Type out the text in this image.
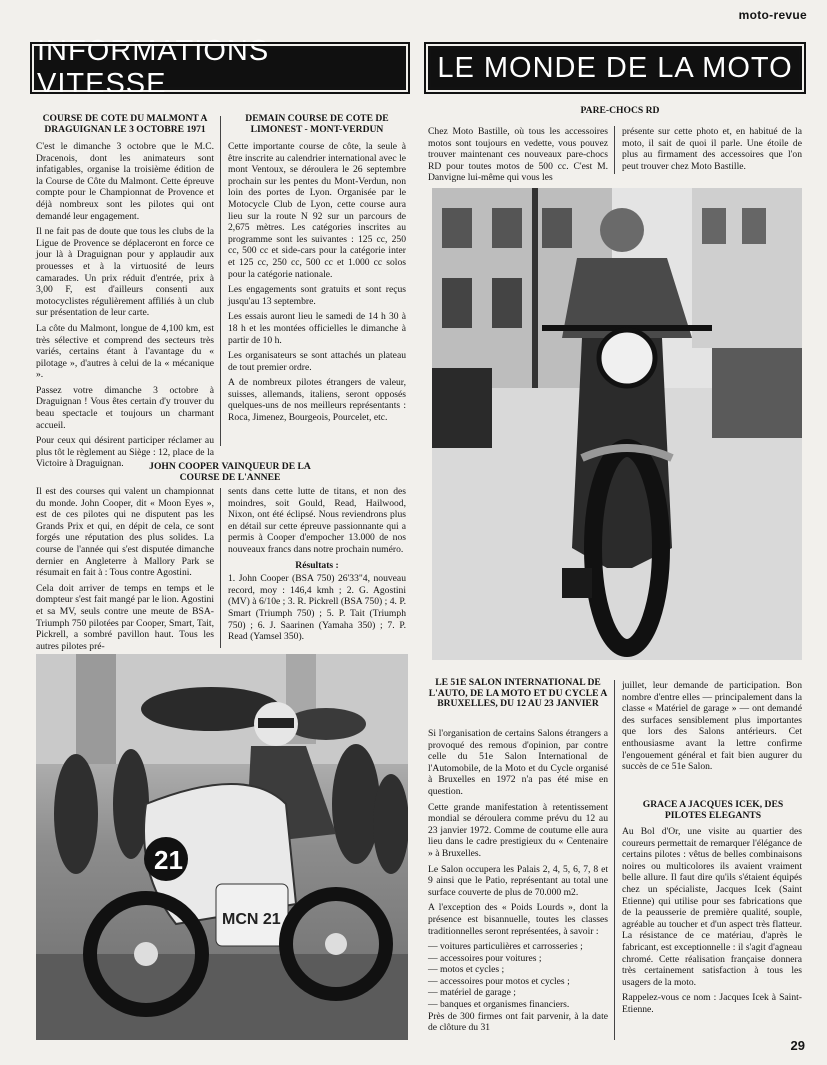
moto-revue
INFORMATIONS VITESSE
LE MONDE DE LA MOTO
COURSE DE COTE DU MALMONT A DRAGUIGNAN LE 3 OCTOBRE 1971

C'est le dimanche 3 octobre que le M.C. Dracenois, dont les animateurs sont infatigables, organise la troisième édition de la Course de Côte du Malmont. Cette épreuve compte pour le Championnat de Provence et déjà nombreux sont les pilotes qui ont demandé leur engagement.

Il ne fait pas de doute que tous les clubs de la Ligue de Provence se déplaceront en force ce jour là à Draguignan pour y applaudir aux prouesses et à la virtuosité de leurs camarades. Un prix réduit d'entrée, prix à 3,00 F, est d'ailleurs consenti aux motocyclistes régulièrement affiliés à un club sur présentation de leur carte.

La côte du Malmont, longue de 4,100 km, est très sélective et comprend des secteurs très variés, certains étant à l'avantage du « pilotage », d'autres à celui de la « mécanique ».

Passez votre dimanche 3 octobre à Draguignan ! Vous êtes certain d'y trouver du beau spectacle et toujours un charmant accueil.

Pour ceux qui désirent participer réclamer au plus tôt le règlement au Siège : 12, place de la Victoire à Draguignan.

DEMAIN COURSE DE COTE DE LIMONEST - MONT-VERDUN

Cette importante course de côte, la seule à être inscrite au calendrier international avec le mont Ventoux, se déroulera le 26 septembre prochain sur les pentes du Mont-Verdun, non loin des portes de Lyon. Organisée par le Motocycle Club de Lyon, cette course aura lieu sur la route N 92 sur un parcours de 2,675 mètres. Les catégories inscrites au programme sont les suivantes : 125 cc, 250 cc, 500 cc et side-cars pour la catégorie inter et 125 cc, 250 cc, 500 cc et 1.000 cc solos pour la catégorie nationale.

Les engagements sont gratuits et sont reçus jusqu'au 13 septembre.

Les essais auront lieu le samedi de 14 h 30 à 18 h et les montées officielles le dimanche à partir de 10 h.

Les organisateurs se sont attachés un plateau de tout premier ordre.

A de nombreux pilotes étrangers de valeur, suisses, allemands, italiens, seront opposés quelques-uns de nos meilleurs représentants : Roca, Jimenez, Bourgeois, Pourcelet, etc.

JOHN COOPER VAINQUEUR DE LA COURSE DE L'ANNEE

Il est des courses qui valent un championnat du monde. John Cooper, dit « Moon Eyes », est de ces pilotes qui ne disputent pas les Grands Prix et qui, en dépit de cela, ce sont forgés une réputation des plus solides. La course de l'année qui s'est disputée dimanche dernier en Angleterre à Mallory Park se résumait en fait à : Tous contre Agostini.

Cela doit arriver de temps en temps et le dompteur s'est fait mangé par le lion. Agostini et sa MV, seuls contre une meute de BSA-Triumph 750 pilotées par Cooper, Smart, Tait, Pickrell, a sombré pavillon haut. Tous les autres pilotes pré-

sents dans cette lutte de titans, et non des moindres, soit Gould, Read, Hailwood, Nixon, ont été éclipsé. Nous reviendrons plus en détail sur cette épreuve passionnante qui a permis à Cooper d'empocher 13.000 de nos nouveaux francs dans notre prochain numéro.

Résultats :

1. John Cooper (BSA 750) 26'33"4, nouveau record, moy : 146,4 kmh ; 2. G. Agostini (MV) à 6/10e ; 3. R. Pickrell (BSA 750) ; 4. P. Smart (Triumph 750) ; 5. P. Tait (Triumph 750) ; 6. J. Saarinen (Yamaha 350) ; 7. P. Read (Yamsel 350).

21
MCN 21
PARE-CHOCS RD

Chez Moto Bastille, où tous les accessoires motos sont toujours en vedette, vous pouvez trouver maintenant ces nouveaux pare-chocs RD pour toutes motos de 500 cc. C'est M. Danvigne lui-même qui vous les

présente sur cette photo et, en habitué de la moto, il sait de quoi il parle. Une étoile de plus au firmament des accessoires que l'on peut trouver chez Moto Bastille.

LE 51E SALON INTERNATIONAL DE L'AUTO, DE LA MOTO ET DU CYCLE A BRUXELLES, DU 12 AU 23 JANVIER

Si l'organisation de certains Salons étrangers a provoqué des remous d'opinion, par contre celle du 51e Salon International de l'Automobile, de la Moto et du Cycle organisé à Bruxelles en 1972 n'a pas été mise en question.

Cette grande manifestation à retentissement mondial se déroulera comme prévu du 12 au 23 janvier 1972. Comme de coutume elle aura lieu dans le cadre prestigieux du « Centenaire » à Bruxelles.

Le Salon occupera les Palais 2, 4, 5, 6, 7, 8 et 9 ainsi que le Patio, représentant au total une surface couverte de plus de 70.000 m2.

A l'exception des « Poids Lourds », dont la présence est bisannuelle, toutes les classes traditionnelles seront représentées, à savoir :

— voitures particulières et carrosseries ;
— accessoires pour voitures ;
— motos et cycles ;
— accessoires pour motos et cycles ;
— matériel de garage ;
— banques et organismes financiers.

Près de 300 firmes ont fait parvenir, à la date de clôture du 31

juillet, leur demande de participation. Bon nombre d'entre elles — principalement dans la classe « Matériel de garage » — ont demandé des surfaces sensiblement plus importantes que lors des Salons antérieurs. Cet enthousiasme avant la lettre confirme l'engouement général et fait bien augurer du succès de ce 51e Salon.

GRACE A JACQUES ICEK, DES PILOTES ELEGANTS

Au Bol d'Or, une visite au quartier des coureurs permettait de remarquer l'élégance de certains pilotes : vêtus de belles combinaisons noires ou multicolores ils avaient vraiment belle allure. Il faut dire qu'ils s'étaient équipés chez un spécialiste, Jacques Icek (Saint Etienne) qui utilise pour ses fabrications que de la peausserie de première qualité, souple, agréable au toucher et d'un aspect très flatteur. La résistance de ce matériau, d'après le fabricant, est exceptionnelle : il s'agit d'agneau chromé. Cette réalisation française donnera très certainement satisfaction à tous les usagers de la moto.

Rappelez-vous ce nom : Jacques Icek à Saint-Etienne.

29
